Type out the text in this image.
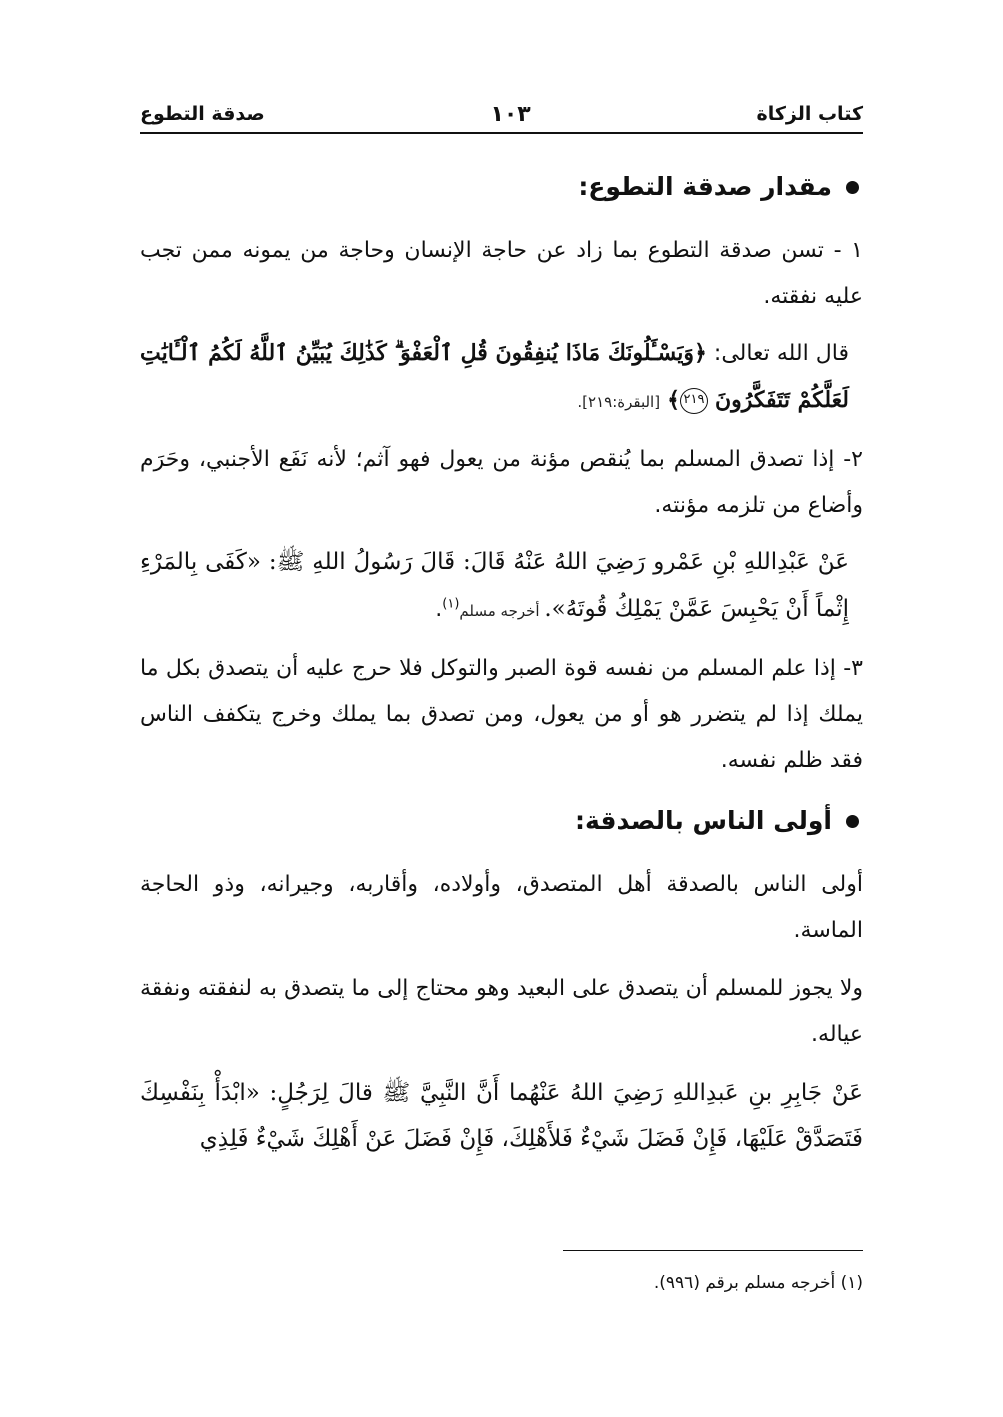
كتاب الزكاة
١٠٣
صدقة التطوع
مقدار صدقة التطوع:

١ - تسن صدقة التطوع بما زاد عن حاجة الإنسان وحاجة من يمونه ممن تجب عليه نفقته.

قال الله تعالى: ﴿وَيَسْـَٔلُونَكَ مَاذَا يُنفِقُونَ قُلِ ٱلْعَفْوَ ۗ كَذَٰلِكَ يُبَيِّنُ ٱللَّهُ لَكُمُ ٱلْـَٔايَٰتِ لَعَلَّكُمْ تَتَفَكَّرُونَ ٢١٩﴾ [البقرة:٢١٩].

٢- إذا تصدق المسلم بما يُنقص مؤنة من يعول فهو آثم؛ لأنه نَفَع الأجنبي، وحَرَم وأضاع من تلزمه مؤنته.

عَنْ عَبْدِاللهِ بْنِ عَمْرو رَضِيَ اللهُ عَنْهُ قَالَ: قَالَ رَسُولُ اللهِ ﷺ: «كَفَى بِالمَرْءِ إِثْماً أَنْ يَحْبِسَ عَمَّنْ يَمْلِكُ قُوتَهُ». أخرجه مسلم$^{(١)}$.

٣- إذا علم المسلم من نفسه قوة الصبر والتوكل فلا حرج عليه أن يتصدق بكل ما يملك إذا لم يتضرر هو أو من يعول، ومن تصدق بما يملك وخرج يتكفف الناس فقد ظلم نفسه.

أولى الناس بالصدقة:

أولى الناس بالصدقة أهل المتصدق، وأولاده، وأقاربه، وجيرانه، وذو الحاجة الماسة.

ولا يجوز للمسلم أن يتصدق على البعيد وهو محتاج إلى ما يتصدق به لنفقته ونفقة عياله.

عَنْ جَابِرِ بنِ عَبدِاللهِ رَضِيَ اللهُ عَنْهُما أَنَّ النَّبِيَّ ﷺ قالَ لِرَجُلٍ: «ابْدَأْ بِنَفْسِكَ فَتَصَدَّقْ عَلَيْهَا، فَإِنْ فَضَلَ شَيْءٌ فَلأَهْلِكَ، فَإِنْ فَضَلَ عَنْ أَهْلِكَ شَيْءٌ فَلِذِي

(١) أخرجه مسلم برقم (٩٩٦).
